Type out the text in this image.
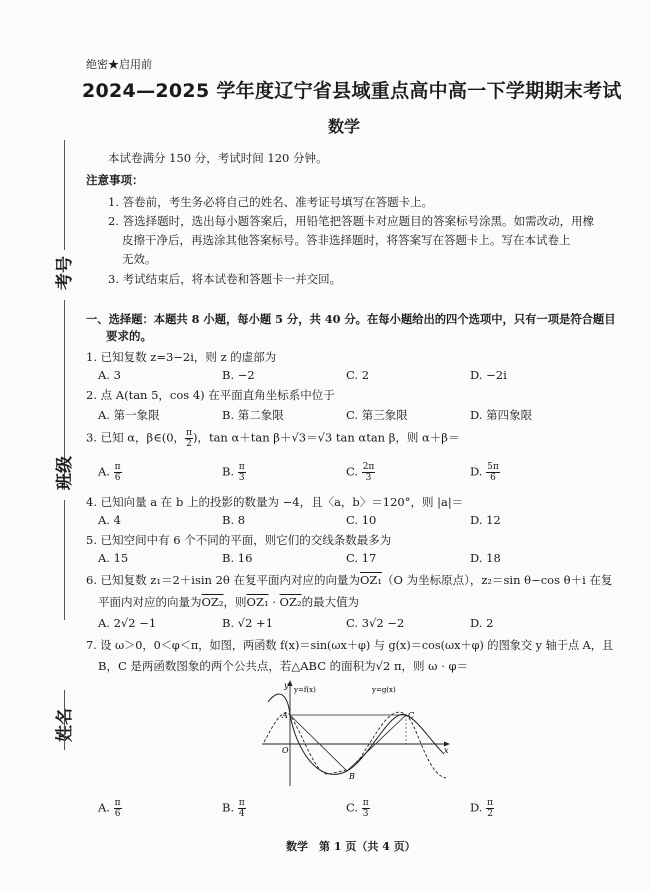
考号
班级
姓名
绝密★启用前
2024—2025 学年度辽宁省县域重点高中高一下学期期末考试
数学
本试卷满分 150 分，考试时间 120 分钟。
注意事项：
1. 答卷前，考生务必将自己的姓名、准考证号填写在答题卡上。
2. 答选择题时，选出每小题答案后，用铅笔把答题卡对应题目的答案标号涂黑。如需改动，用橡
皮擦干净后，再选涂其他答案标号。答非选择题时，将答案写在答题卡上。写在本试卷上
无效。
3. 考试结束后，将本试卷和答题卡一并交回。
一、选择题：本题共 8 小题，每小题 5 分，共 40 分。在每小题给出的四个选项中，只有一项是符合题目
要求的。
1. 已知复数 z=3−2i，则 z 的虚部为
A. 3	B. −2	C. 2	D. −2i
2. 点 A(tan 5，cos 4) 在平面直角坐标系中位于
A. 第一象限	B. 第二象限	C. 第三象限	D. 第四象限
3. 已知 α，β∈(0， $\frac{\pi}{2}$ )，tan α＋tan β＋√3＝√3 tan αtan β，则 α＋β＝
A. $\frac{\pi}{6}$	B. $\frac{\pi}{3}$	C. $\frac{2\pi}{3}$	D. $\frac{5\pi}{6}$
4. 已知向量 a 在 b 上的投影的数量为 −4，且〈a，b〉＝120°，则 |a|＝
A. 4	B. 8	C. 10	D. 12
5. 已知空间中有 6 个不同的平面，则它们的交线条数最多为
A. 15	B. 16	C. 17	D. 18
6. 已知复数 z₁＝2＋isin 2θ 在复平面内对应的向量为OZ₁（O 为坐标原点），z₂＝sin θ−cos θ＋i 在复
平面内对应的向量为OZ₂，则OZ₁ · OZ₂的最大值为
A. 2√2 −1	B. √2 +1	C. 3√2 −2	D. 2
7. 设 ω＞0，0＜φ＜π，如图，两函数 f(x)＝sin(ωx＋φ) 与 g(x)＝cos(ωx＋φ) 的图象交 y 轴于点 A，且
B，C 是两函数图象的两个公共点，若△ABC 的面积为√2 π，则 ω · φ＝
y
x
O
y=f(x)	y=g(x)
A
B
C
A. $\frac{\pi}{6}$	B. $\frac{\pi}{4}$	C. $\frac{\pi}{3}$	D. $\frac{\pi}{2}$
数学　第 1 页（共 4 页）
